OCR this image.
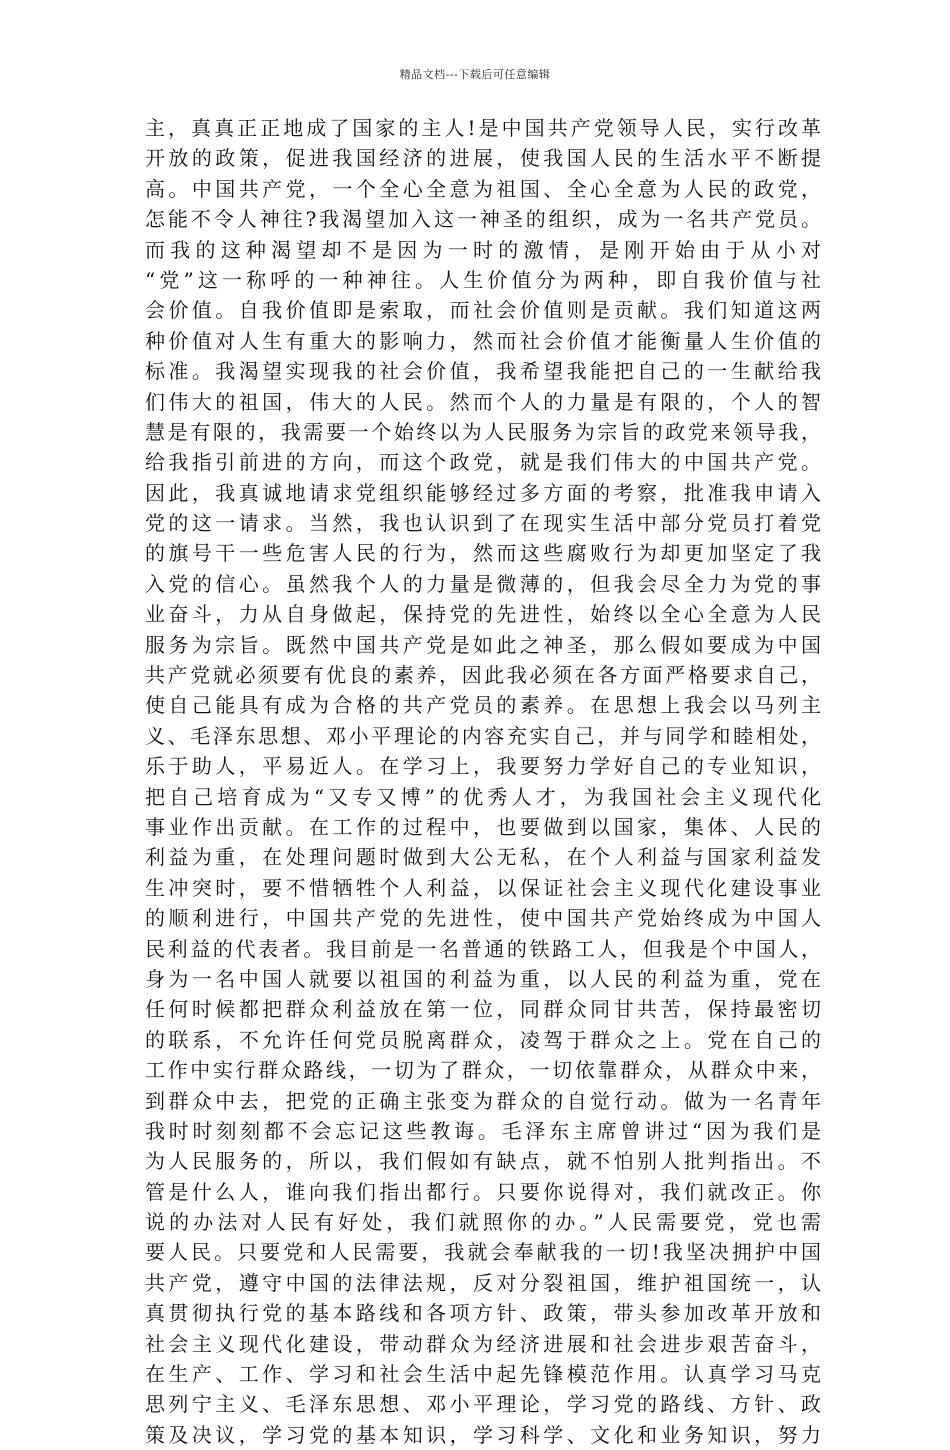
精品文档---下载后可任意编辑
主，真真正正地成了国家的主人!是中国共产党领导人民，实行改革
开放的政策，促进我国经济的进展，使我国人民的生活水平不断提
高。中国共产党，一个全心全意为祖国、全心全意为人民的政党，
怎能不令人神往?我渴望加入这一神圣的组织，成为一名共产党员。
而我的这种渴望却不是因为一时的激情，是刚开始由于从小对
“党”这一称呼的一种神往。人生价值分为两种，即自我价值与社
会价值。自我价值即是索取，而社会价值则是贡献。我们知道这两
种价值对人生有重大的影响力，然而社会价值才能衡量人生价值的
标准。我渴望实现我的社会价值，我希望我能把自己的一生献给我
们伟大的祖国，伟大的人民。然而个人的力量是有限的，个人的智
慧是有限的，我需要一个始终以为人民服务为宗旨的政党来领导我，
给我指引前进的方向，而这个政党，就是我们伟大的中国共产党。
因此，我真诚地请求党组织能够经过多方面的考察，批准我申请入
党的这一请求。当然，我也认识到了在现实生活中部分党员打着党
的旗号干一些危害人民的行为，然而这些腐败行为却更加坚定了我
入党的信心。虽然我个人的力量是微薄的，但我会尽全力为党的事
业奋斗，力从自身做起，保持党的先进性，始终以全心全意为人民
服务为宗旨。既然中国共产党是如此之神圣，那么假如要成为中国
共产党就必须要有优良的素养，因此我必须在各方面严格要求自己，
使自己能具有成为合格的共产党员的素养。在思想上我会以马列主
义、毛泽东思想、邓小平理论的内容充实自己，并与同学和睦相处，
乐于助人，平易近人。在学习上，我要努力学好自己的专业知识，
把自己培育成为“又专又博”的优秀人才，为我国社会主义现代化
事业作出贡献。在工作的过程中，也要做到以国家，集体、人民的
利益为重，在处理问题时做到大公无私，在个人利益与国家利益发
生冲突时，要不惜牺牲个人利益，以保证社会主义现代化建设事业
的顺利进行，中国共产党的先进性，使中国共产党始终成为中国人
民利益的代表者。我目前是一名普通的铁路工人，但我是个中国人，
身为一名中国人就要以祖国的利益为重，以人民的利益为重，党在
任何时候都把群众利益放在第一位，同群众同甘共苦，保持最密切
的联系，不允许任何党员脱离群众，凌驾于群众之上。党在自己的
工作中实行群众路线，一切为了群众，一切依靠群众，从群众中来，
到群众中去，把党的正确主张变为群众的自觉行动。做为一名青年
我时时刻刻都不会忘记这些教诲。毛泽东主席曾讲过“因为我们是
为人民服务的，所以，我们假如有缺点，就不怕别人批判指出。不
管是什么人，谁向我们指出都行。只要你说得对，我们就改正。你
说的办法对人民有好处，我们就照你的办。”人民需要党，党也需
要人民。只要党和人民需要，我就会奉献我的一切!我坚决拥护中国
共产党，遵守中国的法律法规，反对分裂祖国，维护祖国统一，认
真贯彻执行党的基本路线和各项方针、政策，带头参加改革开放和
社会主义现代化建设，带动群众为经济进展和社会进步艰苦奋斗，
在生产、工作、学习和社会生活中起先锋模范作用。认真学习马克
思列宁主义、毛泽东思想、邓小平理论，学习党的路线、方针、政
策及决议，学习党的基本知识，学习科学、文化和业务知识，努力
